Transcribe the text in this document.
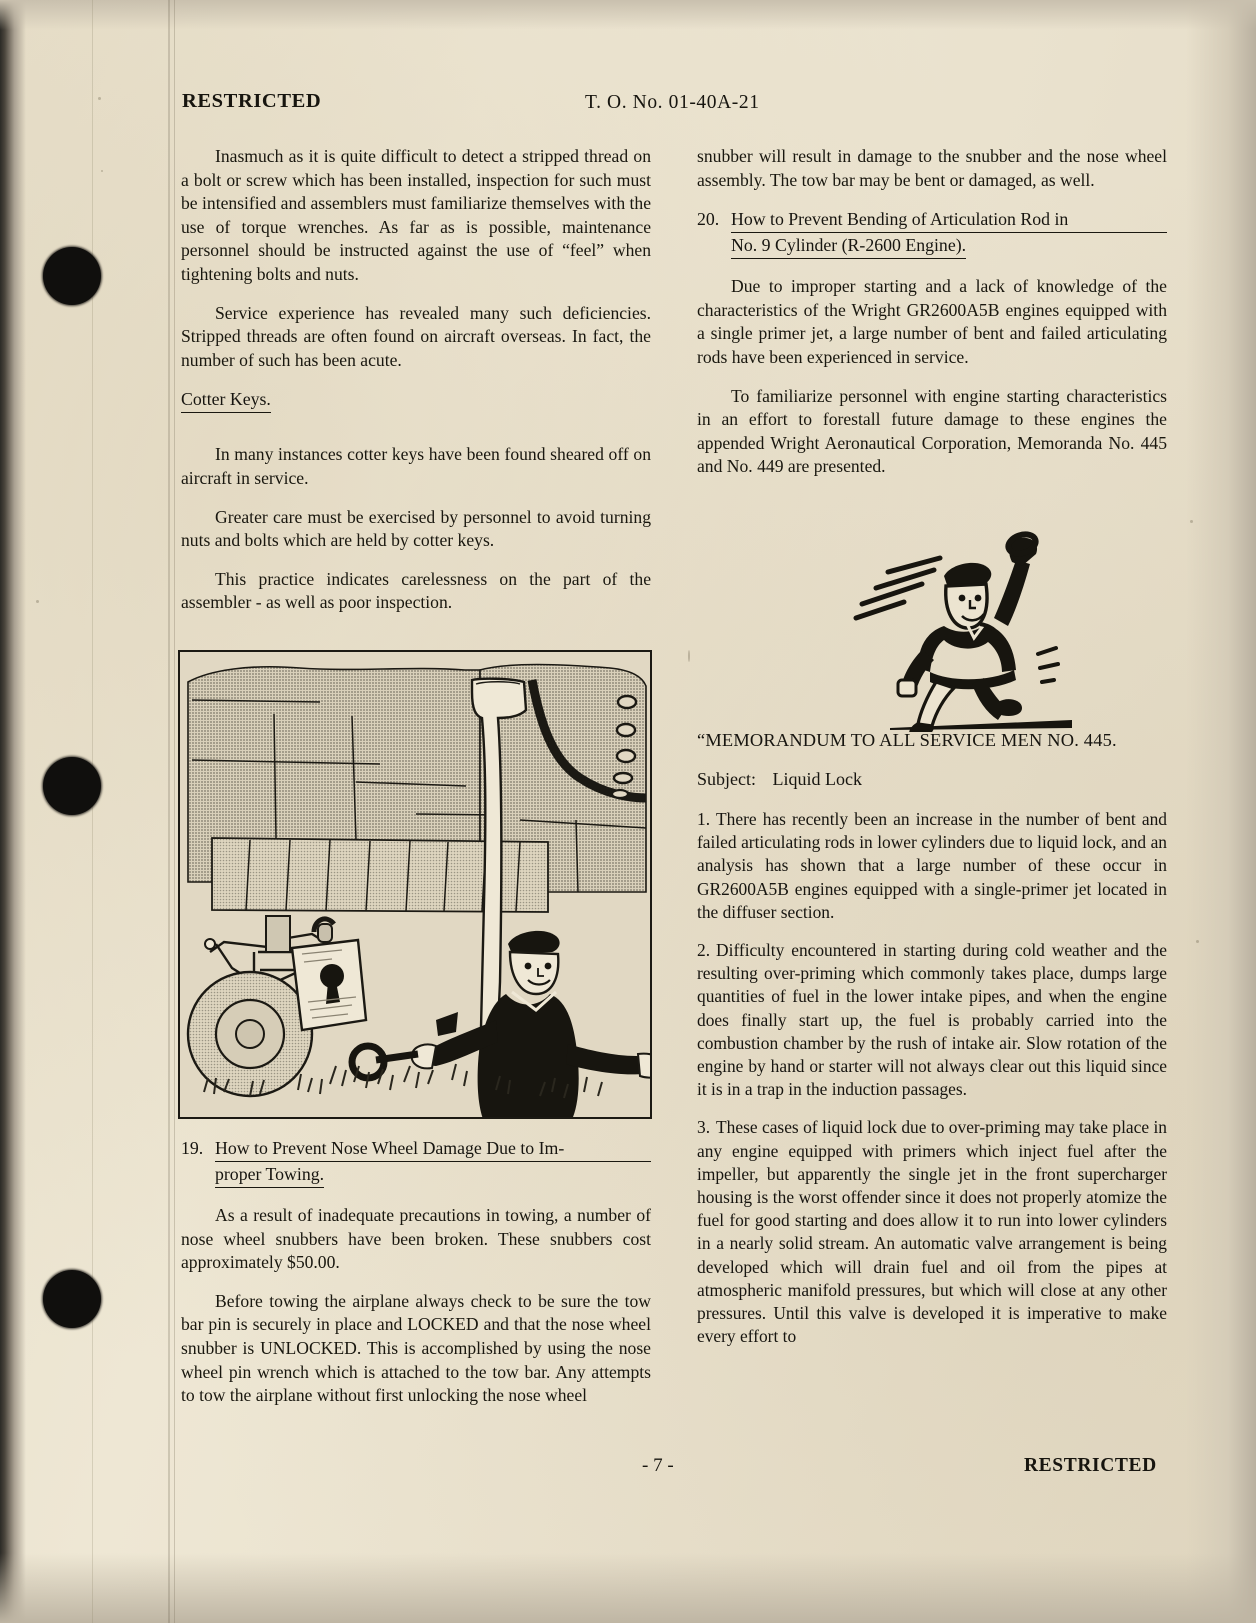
RESTRICTED	T. O. No. 01-40A-21

Inasmuch as it is quite difficult to detect a stripped thread on a bolt or screw which has been installed, inspection for such must be intensified and assemblers must familiarize themselves with the use of torque wrenches. As far as is possible, maintenance personnel should be instructed against the use of “feel” when tightening bolts and nuts.

Service experience has revealed many such deficiencies. Stripped threads are often found on aircraft overseas. In fact, the number of such has been acute.

Cotter Keys.

In many instances cotter keys have been found sheared off on aircraft in service.

Greater care must be exercised by personnel to avoid turning nuts and bolts which are held by cotter keys.

This practice indicates carelessness on the part of the assembler - as well as poor inspection.

19. How to Prevent Nose Wheel Damage Due to Im-
proper Towing.

As a result of inadequate precautions in towing, a number of nose wheel snubbers have been broken. These snubbers cost approximately $50.00.

Before towing the airplane always check to be sure the tow bar pin is securely in place and LOCKED and that the nose wheel snubber is UNLOCKED. This is accomplished by using the nose wheel pin wrench which is attached to the tow bar. Any attempts to tow the airplane without first unlocking the nose wheel

snubber will result in damage to the snubber and the nose wheel assembly. The tow bar may be bent or damaged, as well.

20. How to Prevent Bending of Articulation Rod in
No. 9 Cylinder (R-2600 Engine).

Due to improper starting and a lack of knowledge of the characteristics of the Wright GR2600A5B engines equipped with a single primer jet, a large number of bent and failed articulating rods have been experienced in service.

To familiarize personnel with engine starting characteristics in an effort to forestall future damage to these engines the appended Wright Aeronautical Corporation, Memoranda No. 445 and No. 449 are presented.

“MEMORANDUM TO ALL SERVICE MEN NO. 445.
Subject: Liquid Lock

1. There has recently been an increase in the number of bent and failed articulating rods in lower cylinders due to liquid lock, and an analysis has shown that a large number of these occur in GR2600A5B engines equipped with a single-primer jet located in the diffuser section.

2. Difficulty encountered in starting during cold weather and the resulting over-priming which commonly takes place, dumps large quantities of fuel in the lower intake pipes, and when the engine does finally start up, the fuel is probably carried into the combustion chamber by the rush of intake air. Slow rotation of the engine by hand or starter will not always clear out this liquid since it is in a trap in the induction passages.

3. These cases of liquid lock due to over-priming may take place in any engine equipped with primers which inject fuel after the impeller, but apparently the single jet in the front supercharger housing is the worst offender since it does not properly atomize the fuel for good starting and does allow it to run into lower cylinders in a nearly solid stream. An automatic valve arrangement is being developed which will drain fuel and oil from the pipes at atmospheric manifold pressures, but which will close at any other pressures. Until this valve is developed it is imperative to make every effort to

- 7 -	RESTRICTED
